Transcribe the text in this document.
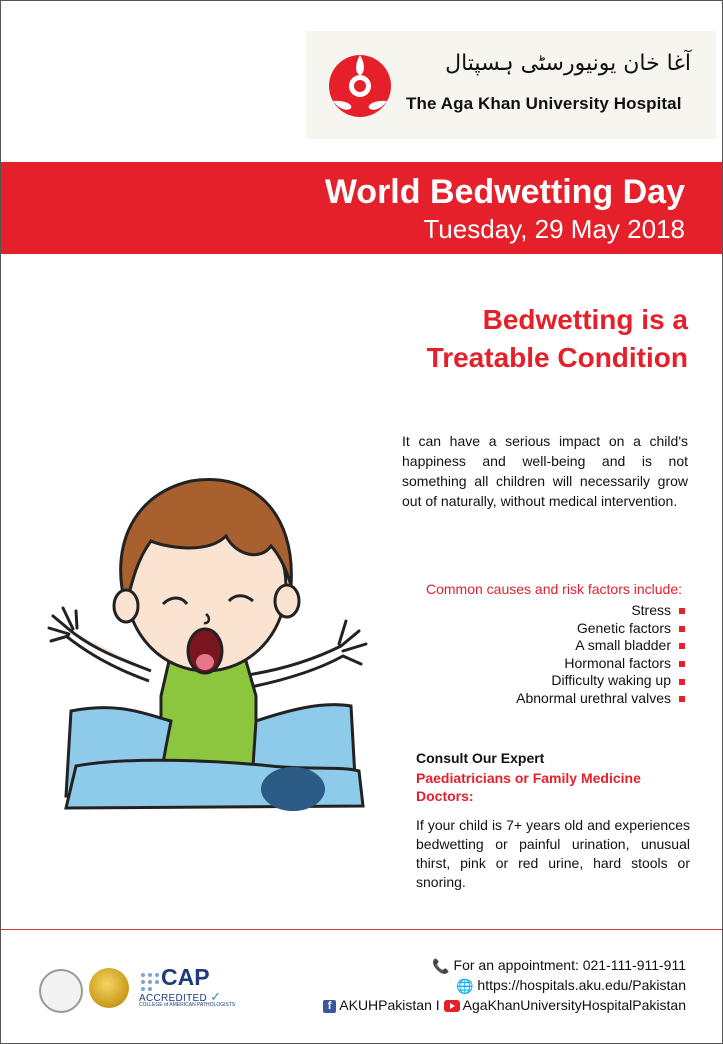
آغا خان یونیورسٹی ہسپتال
The Aga Khan University Hospital
World Bedwetting Day
Tuesday, 29 May 2018
Bedwetting is a
Treatable Condition
It can have a serious impact on a child's happiness and well-being and is not something all children will necessarily grow out of naturally, without medical intervention.
Common causes and risk factors include:
Stress
Genetic factors
A small bladder
Hormonal factors
Difficulty waking up
Abnormal urethral valves
Consult Our Expert
Paediatricians or Family Medicine Doctors:
If your child is 7+ years old and experiences bedwetting or painful urination, unusual thirst, pink or red urine, hard stools or snoring.
CAP
ACCREDITED ✓
COLLEGE of AMERICAN PATHOLOGISTS
📞 For an appointment: 021-111-911-911
🌐 https://hospitals.aku.edu/Pakistan
f AKUHPakistan I AgaKhanUniversityHospitalPakistan
